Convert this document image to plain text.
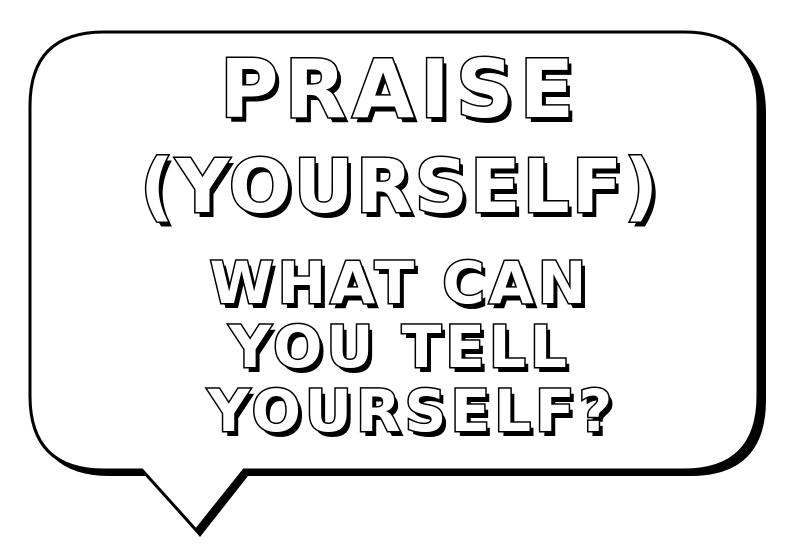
PRAISE
(YOURSELF)
WHAT CAN
YOU TELL
YOURSELF?
